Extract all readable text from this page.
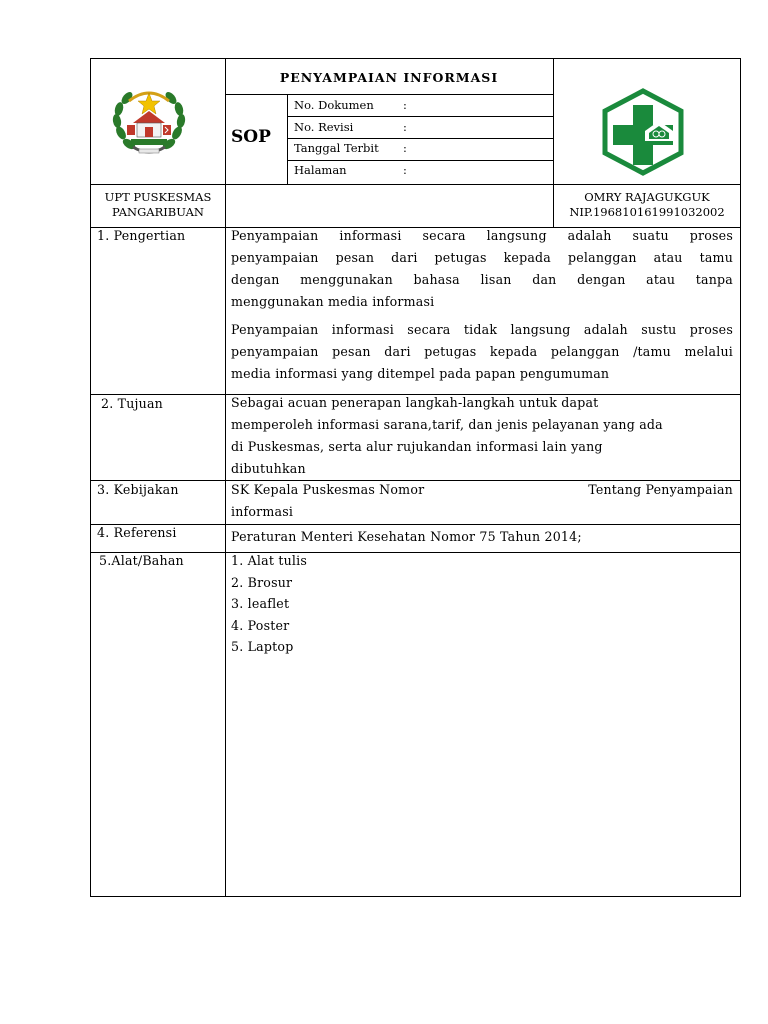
PENYAMPAIAN INFORMASI
SOP
No. Dokumen	:
No. Revisi	:
Tanggal Terbit :
Halaman	:
UPT PUSKESMAS
PANGARIBUAN
OMRY RAJAGUKGUK
NIP.196810161991032002
1. Pengertian	Penyampaian informasi secara langsung adalah suatu proses
penyampaian pesan dari petugas kepada pelanggan atau tamu
dengan menggunakan bahasa lisan dan dengan atau tanpa
menggunakan media informasi
Penyampaian informasi secara tidak langsung adalah sustu proses
penyampaian pesan dari petugas kepada pelanggan /tamu melalui
media informasi yang ditempel pada papan pengumuman
2. Tujuan	Sebagai acuan penerapan langkah-langkah untuk dapat
memperoleh informasi sarana,tarif, dan jenis pelayanan yang ada
di Puskesmas, serta alur rujukandan informasi lain yang
dibutuhkan
3. Kebijakan	SK Kepala Puskesmas Nomor	Tentang Penyampaian
informasi
4. Referensi	Peraturan Menteri Kesehatan Nomor 75 Tahun 2014;
5.Alat/Bahan	1. Alat tulis
2. Brosur
3. leaflet
4. Poster
5. Laptop
